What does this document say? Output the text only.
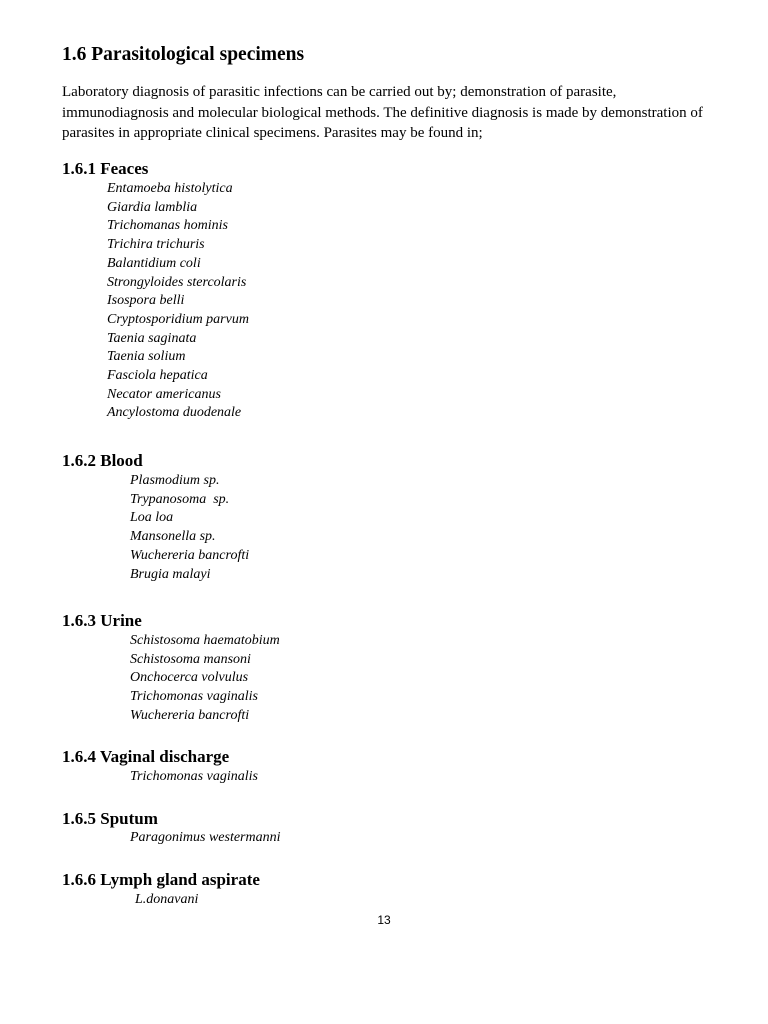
1.6 Parasitological specimens

Laboratory diagnosis of parasitic infections can be carried out by; demonstration of parasite, immunodiagnosis and molecular biological methods. The definitive diagnosis is made by demonstration of parasites in appropriate clinical specimens. Parasites may be found in;

1.6.1 Feaces
Entamoeba histolytica
Giardia lamblia
Trichomanas hominis
Trichira trichuris
Balantidium coli
Strongyloides stercolaris
Isospora belli
Cryptosporidium parvum
Taenia saginata
Taenia solium
Fasciola hepatica
Necator americanus
Ancylostoma duodenale
1.6.2 Blood
Plasmodium sp.
Trypanosoma  sp.
Loa loa
Mansonella sp.
Wuchereria bancrofti
Brugia malayi
1.6.3 Urine
Schistosoma haematobium
Schistosoma mansoni
Onchocerca volvulus
Trichomonas vaginalis
Wuchereria bancrofti
1.6.4 Vaginal discharge
Trichomonas vaginalis
1.6.5 Sputum
Paragonimus westermanni
1.6.6 Lymph gland aspirate
L.donavani
13
